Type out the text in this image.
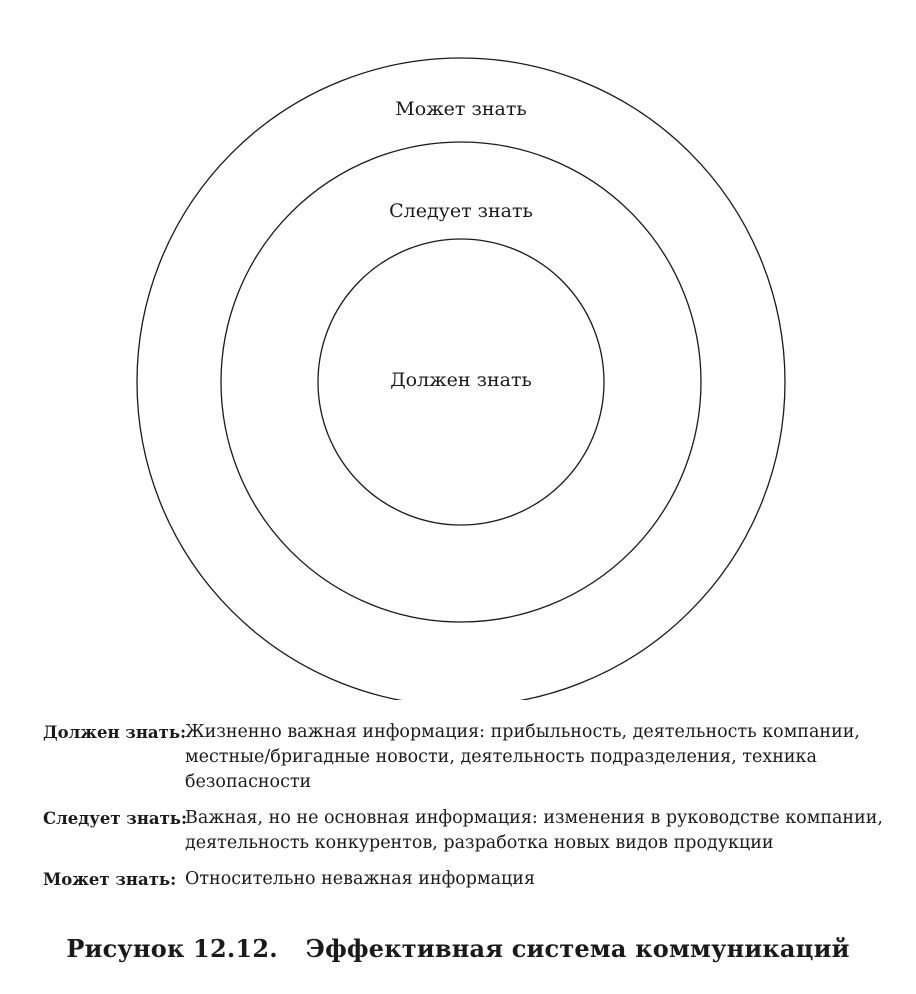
Может знать
Следует знать
Должен знать
Должен знать:
Жизненно важная информация: прибыльность, деятельность компании, местные/бригадные новости, деятельность подразделения, техника безопасности
Следует знать:
Важная, но не основная информация: изменения в руководстве компании, деятельность конкурентов, разработка новых видов продукции
Может знать: Относительно неважная информация
Рисунок 12.12. Эффективная система коммуникаций
